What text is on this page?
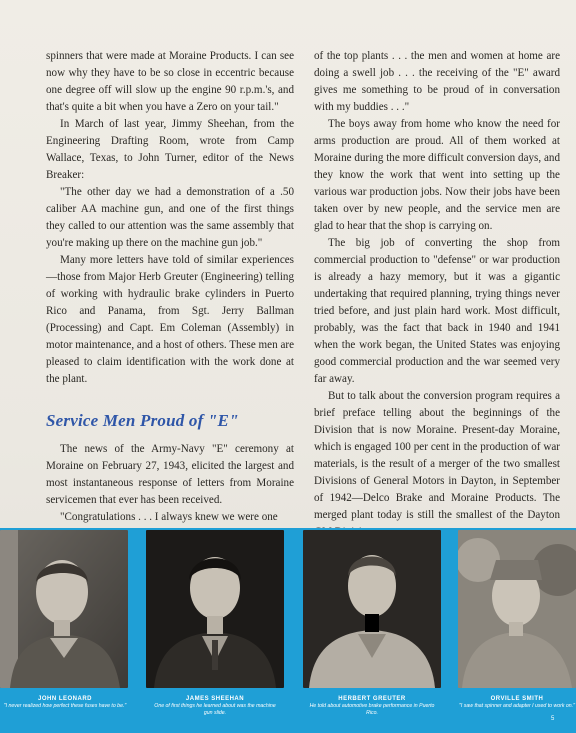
spinners that were made at Moraine Products. I can see now why they have to be so close in eccentric because one degree off will slow up the engine 90 r.p.m.'s, and that's quite a bit when you have a Zero on your tail."

In March of last year, Jimmy Sheehan, from the Engineering Drafting Room, wrote from Camp Wallace, Texas, to John Turner, editor of the News Breaker:

"The other day we had a demonstration of a .50 caliber AA machine gun, and one of the first things they called to our attention was the same assembly that you're making up there on the machine gun job."

Many more letters have told of similar experiences—those from Major Herb Greuter (Engineering) telling of working with hydraulic brake cylinders in Puerto Rico and Panama, from Sgt. Jerry Ballman (Processing) and Capt. Em Coleman (Assembly) in motor maintenance, and a host of others. These men are pleased to claim identification with the work done at the plant.

Service Men Proud of "E"

The news of the Army-Navy "E" ceremony at Moraine on February 27, 1943, elicited the largest and most instantaneous response of letters from Moraine servicemen that ever has been received.

"Congratulations . . . I always knew we were one

of the top plants . . . the men and women at home are doing a swell job . . . the receiving of the "E" award gives me something to be proud of in conversation with my buddies . . ."

The boys away from home who know the need for arms production are proud. All of them worked at Moraine during the more difficult conversion days, and they know the work that went into setting up the various war production jobs. Now their jobs have been taken over by new people, and the service men are glad to hear that the shop is carrying on.

The big job of converting the shop from commercial production to "defense" or war production is already a hazy memory, but it was a gigantic undertaking that required planning, trying things never tried before, and just plain hard work. Most difficult, probably, was the fact that back in 1940 and 1941 when the work began, the United States was enjoying good commercial production and the war seemed very far away.

But to talk about the conversion program requires a brief preface telling about the beginnings of the Division that is now Moraine. Present-day Moraine, which is engaged 100 per cent in the production of war materials, is the result of a merger of the two smallest Divisions of General Motors in Dayton, in September of 1942—Delco Brake and Moraine Products. The merged plant today is still the smallest of the Dayton

JOHN LEONARD
"I never realized how perfect these fuses have to be."
JAMES SHEEHAN
One of first things he learned about was the machine gun slide.
HERBERT GREUTER
He told about automotive brake performance in Puerto Rico.
ORVILLE SMITH
"I saw that spinner and adapter I used to work on."
5
